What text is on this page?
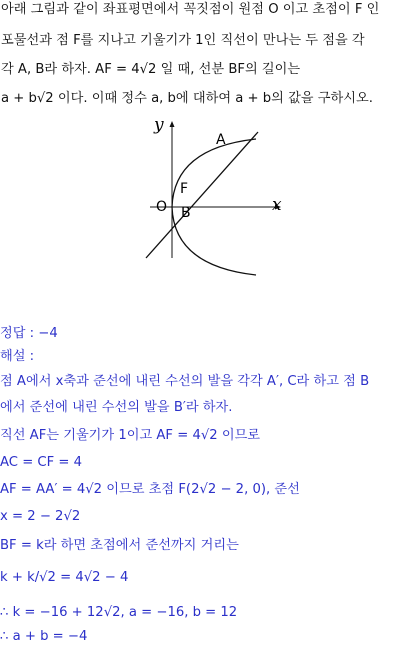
아래 그림과 같이 좌표평면에서 꼭짓점이 원점 O 이고 초점이 F 인
포물선과 점 F를 지나고 기울기가 1인 직선이 만나는 두 점을 각
각 A, B라 하자. AF = 4√2 일 때, 선분 BF의 길이는
a + b√2 이다. 이때 정수 a, b에 대하여 a + b의 값을 구하시오.
x
y
O
F
A
B
정답 : −4
해설 :
점 A에서 x축과 준선에 내린 수선의 발을 각각 A′, C라 하고 점 B
에서 준선에 내린 수선의 발을 B′라 하자.
직선 AF는 기울기가 1이고 AF = 4√2 이므로
AC = CF = 4
AF = AA′ = 4√2 이므로 초점 F(2√2 − 2, 0), 준선
x = 2 − 2√2
BF = k라 하면 초점에서 준선까지 거리는
k + k/√2 = 4√2 − 4
∴ k = −16 + 12√2, a = −16, b = 12
∴ a + b = −4
